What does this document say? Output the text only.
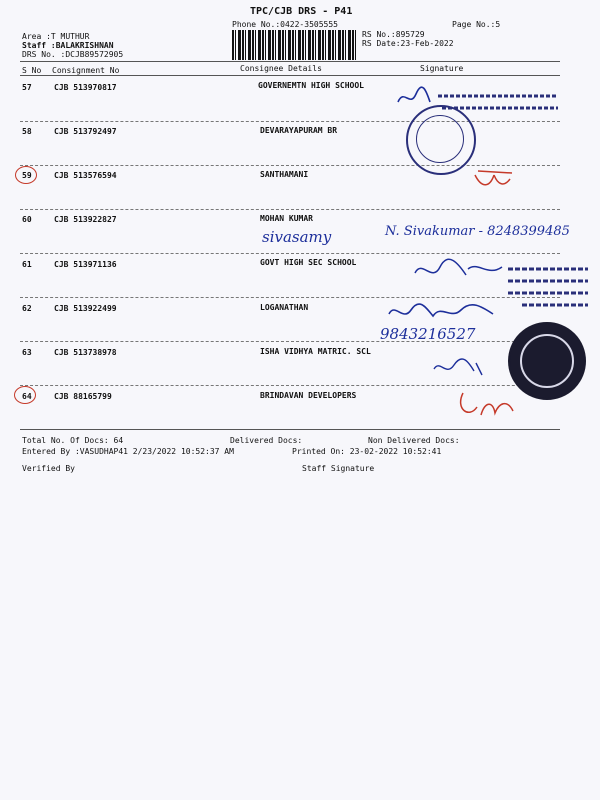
TPC/CJB DRS - P41
Phone No.:0422-3505555	Page No.:5
Area :T MUTHUR
Staff :BALAKRISHNAN
DRS No. :DCJB89572905
RS No.:895729
RS Date:23-Feb-2022
S No Consignment No	Consignee Details	Signature
57	CJB 513970817	GOVERNEMTN HIGH SCHOOL
58	CJB 513792497	DEVARAYAPURAM BR
59	CJB 513576594	SANTHAMANI
60	CJB 513922827	MOHAN KUMAR
sivasamy	N. Sivakumar - 8248399485
61	CJB 513971136	GOVT HIGH SEC SCHOOL
62	CJB 513922499	LOGANATHAN
9843216527
63	CJB 513738978	ISHA VIDHYA MATRIC. SCL
64	CJB 88165799	BRINDAVAN DEVELOPERS
Total No. Of Docs: 64	Delivered Docs:	Non Delivered Docs:
Entered By :VASUDHAP41 2/23/2022 10:52:37 AM	Printed On: 23-02-2022 10:52:41
Verified By	Staff Signature
